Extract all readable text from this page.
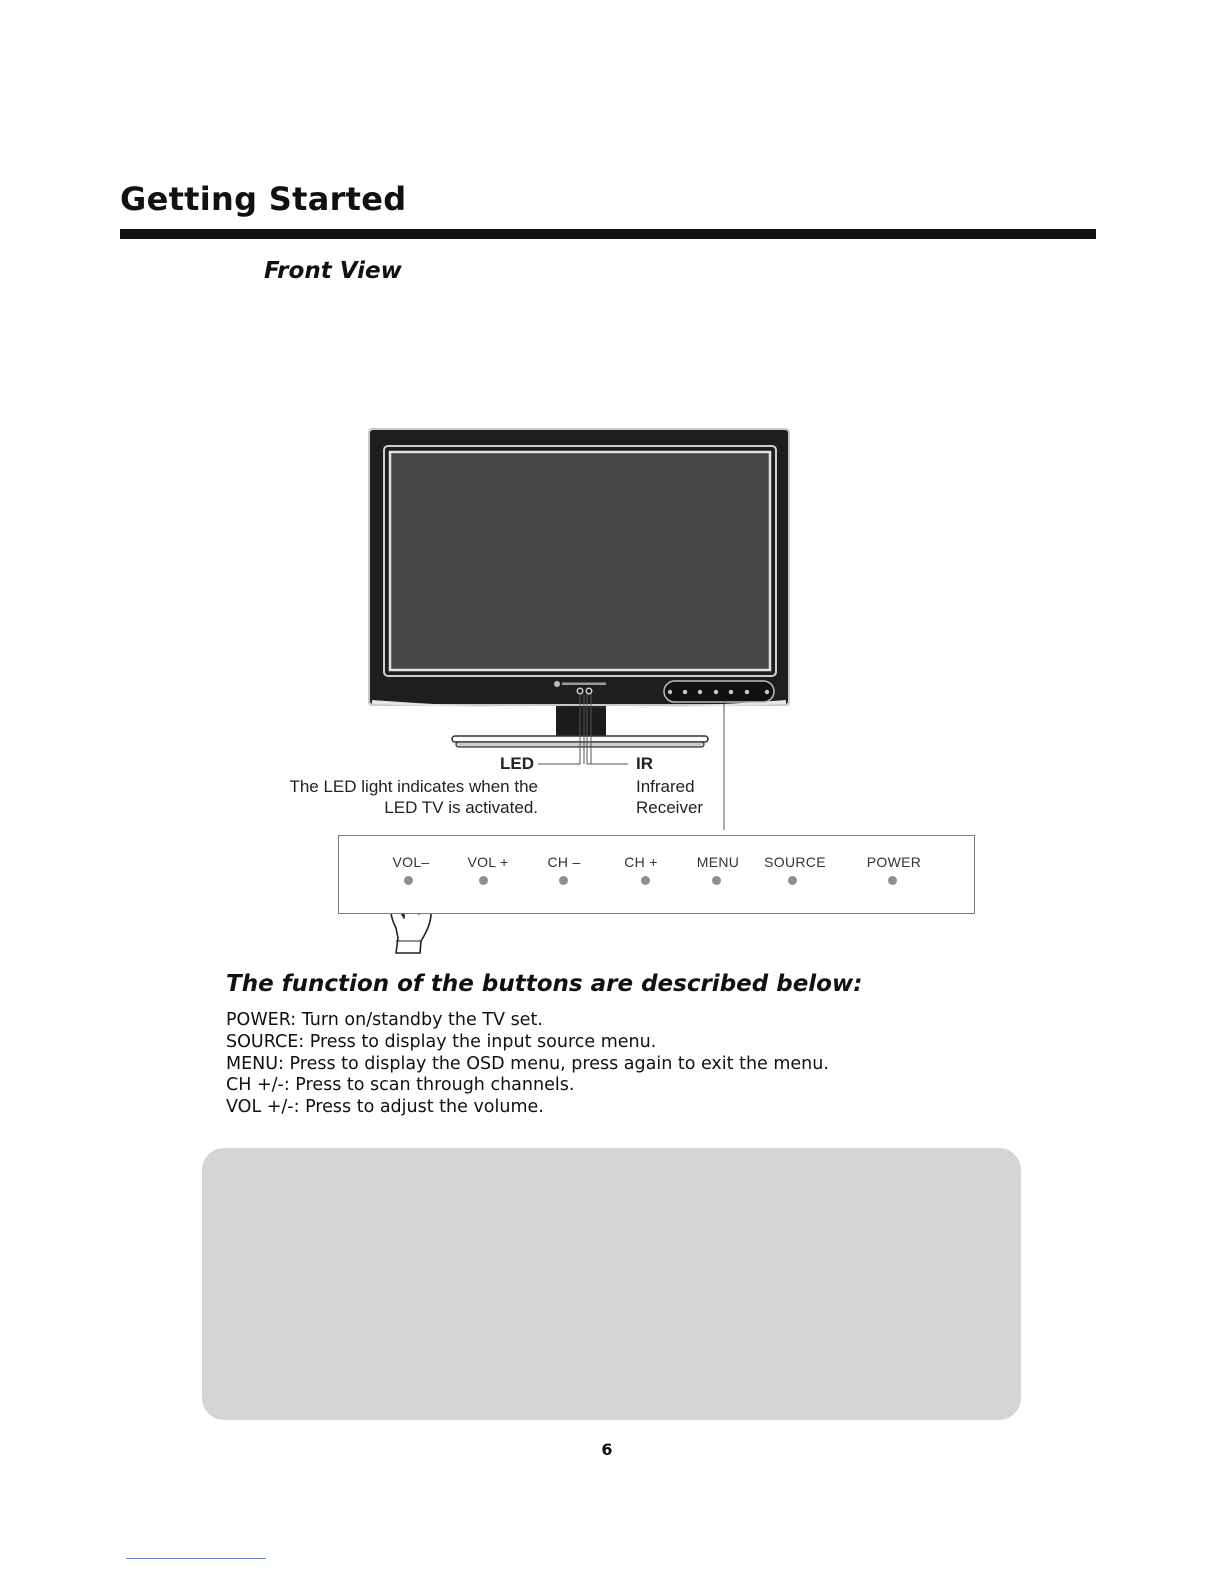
Getting Started
Front View
LED
The LED light indicates when the
LED TV is activated.
IR
Infrared
Receiver
VOL–	VOL +	CH –	CH +	MENU	SOURCE	POWER
The function of the buttons are described below:
POWER: Turn on/standby the TV set.
SOURCE: Press to display the input source menu.
MENU: Press to display the OSD menu, press again to exit the menu.
CH +/-: Press to scan through channels.
VOL +/-: Press to adjust the volume.
6
